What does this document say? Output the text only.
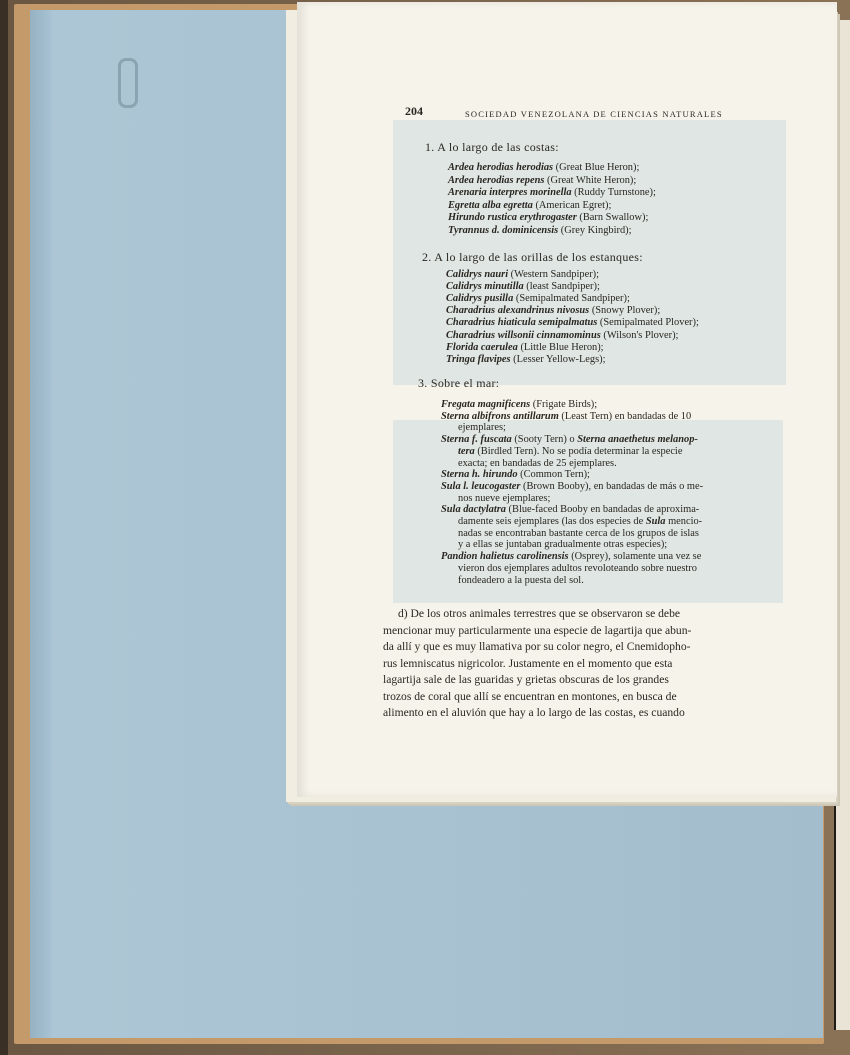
204	SOCIEDAD VENEZOLANA DE CIENCIAS NATURALES
1. A lo largo de las costas:
Ardea herodias herodias (Great Blue Heron);
Ardea herodias repens (Great White Heron);
Arenaria interpres morinella (Ruddy Turnstone);
Egretta alba egretta (American Egret);
Hirundo rustica erythrogaster (Barn Swallow);
Tyrannus d. dominicensis (Grey Kingbird);
2. A lo largo de las orillas de los estanques:
Calidrys nauri (Western Sandpiper);
Calidrys minutilla (least Sandpiper);
Calidrys pusilla (Semipalmated Sandpiper);
Charadrius alexandrinus nivosus (Snowy Plover);
Charadrius hiaticula semipalmatus (Semipalmated Plover);
Charadrius willsonii cinnamominus (Wilson's Plover);
Florida caerulea (Little Blue Heron);
Tringa flavipes (Lesser Yellow-Legs);
3. Sobre el mar:
Fregata magnificens (Frigate Birds);
Sterna albifrons antillarum (Least Tern) en bandadas de 10
ejemplares;
Sterna f. fuscata (Sooty Tern) o Sterna anaethetus melanop-
tera (Birdled Tern). No se podía determinar la especie
exacta; en bandadas de 25 ejemplares.
Sterna h. hirundo (Common Tern);
Sula l. leucogaster (Brown Booby), en bandadas de más o me-
nos nueve ejemplares;
Sula dactylatra (Blue-faced Booby en bandadas de aproxima-
damente seis ejemplares (las dos especies de Sula mencio-
nadas se encontraban bastante cerca de los grupos de islas
y a ellas se juntaban gradualmente otras especies);
Pandion halietus carolinensis (Osprey), solamente una vez se
vieron dos ejemplares adultos revoloteando sobre nuestro
fondeadero a la puesta del sol.
d) De los otros animales terrestres que se observaron se debe
mencionar muy particularmente una especie de lagartija que abun-
da allí y que es muy llamativa por su color negro, el Cnemidopho-
rus lemniscatus nigricolor. Justamente en el momento que esta
lagartija sale de las guaridas y grietas obscuras de los grandes
trozos de coral que allí se encuentran en montones, en busca de
alimento en el aluvión que hay a lo largo de las costas, es cuando
